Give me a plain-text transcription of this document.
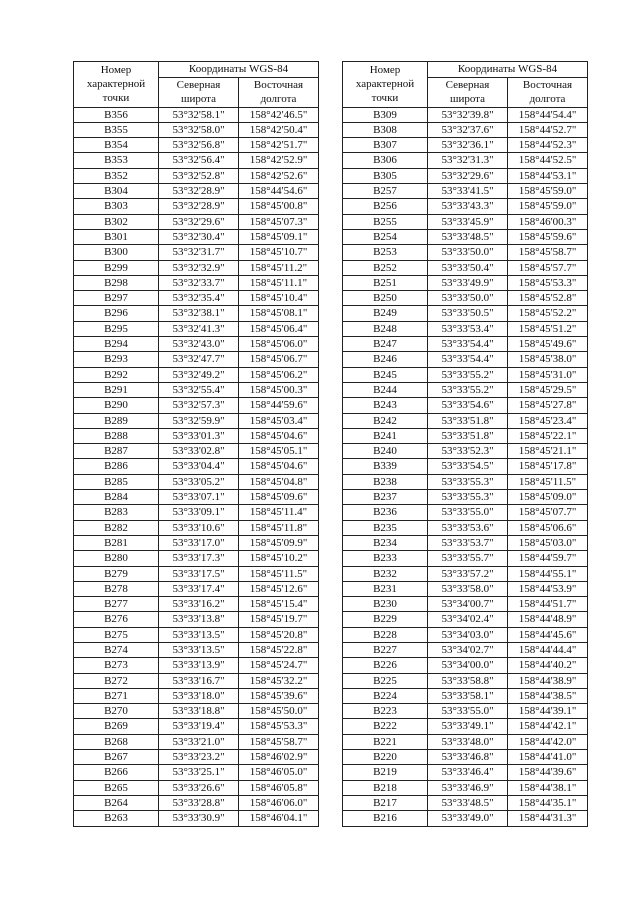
Номер
характерной
точки	Координаты WGS-84	
	Северная	Восточная
	широта	долгота
В356	53°32'58.1"	158°42'46.5"
В355	53°32'58.0"	158°42'50.4"
В354	53°32'56.8"	158°42'51.7"
В353	53°32'56.4"	158°42'52.9"
В352	53°32'52.8"	158°42'52.6"
В304	53°32'28.9"	158°44'54.6"
В303	53°32'28.9"	158°45'00.8"
В302	53°32'29.6"	158°45'07.3"
В301	53°32'30.4"	158°45'09.1"
В300	53°32'31.7"	158°45'10.7"
В299	53°32'32.9"	158°45'11.2"
В298	53°32'33.7"	158°45'11.1"
В297	53°32'35.4"	158°45'10.4"
В296	53°32'38.1"	158°45'08.1"
В295	53°32'41.3"	158°45'06.4"
В294	53°32'43.0"	158°45'06.0"
В293	53°32'47.7"	158°45'06.7"
В292	53°32'49.2"	158°45'06.2"
В291	53°32'55.4"	158°45'00.3"
В290	53°32'57.3"	158°44'59.6"
В289	53°32'59.9"	158°45'03.4"
В288	53°33'01.3"	158°45'04.6"
В287	53°33'02.8"	158°45'05.1"
В286	53°33'04.4"	158°45'04.6"
В285	53°33'05.2"	158°45'04.8"
В284	53°33'07.1"	158°45'09.6"
В283	53°33'09.1"	158°45'11.4"
В282	53°33'10.6"	158°45'11.8"
В281	53°33'17.0"	158°45'09.9"
В280	53°33'17.3"	158°45'10.2"
В279	53°33'17.5"	158°45'11.5"
В278	53°33'17.4"	158°45'12.6"
В277	53°33'16.2"	158°45'15.4"
В276	53°33'13.8"	158°45'19.7"
В275	53°33'13.5"	158°45'20.8"
В274	53°33'13.5"	158°45'22.8"
В273	53°33'13.9"	158°45'24.7"
В272	53°33'16.7"	158°45'32.2"
В271	53°33'18.0"	158°45'39.6"
В270	53°33'18.8"	158°45'50.0"
В269	53°33'19.4"	158°45'53.3"
В268	53°33'21.0"	158°45'58.7"
В267	53°33'23.2"	158°46'02.9"
В266	53°33'25.1"	158°46'05.0"
В265	53°33'26.6"	158°46'05.8"
В264	53°33'28.8"	158°46'06.0"
В263	53°33'30.9"	158°46'04.1"
Номер
характерной
точки	Координаты WGS-84	
	Северная	Восточная
	широта	долгота
В309	53°32'39.8"	158°44'54.4"
В308	53°32'37.6"	158°44'52.7"
В307	53°32'36.1"	158°44'52.3"
В306	53°32'31.3"	158°44'52.5"
В305	53°32'29.6"	158°44'53.1"
В257	53°33'41.5"	158°45'59.0"
В256	53°33'43.3"	158°45'59.0"
В255	53°33'45.9"	158°46'00.3"
В254	53°33'48.5"	158°45'59.6"
В253	53°33'50.0"	158°45'58.7"
В252	53°33'50.4"	158°45'57.7"
В251	53°33'49.9"	158°45'53.3"
В250	53°33'50.0"	158°45'52.8"
В249	53°33'50.5"	158°45'52.2"
В248	53°33'53.4"	158°45'51.2"
В247	53°33'54.4"	158°45'49.6"
В246	53°33'54.4"	158°45'38.0"
В245	53°33'55.2"	158°45'31.0"
В244	53°33'55.2"	158°45'29.5"
В243	53°33'54.6"	158°45'27.8"
В242	53°33'51.8"	158°45'23.4"
В241	53°33'51.8"	158°45'22.1"
В240	53°33'52.3"	158°45'21.1"
В339	53°33'54.5"	158°45'17.8"
В238	53°33'55.3"	158°45'11.5"
В237	53°33'55.3"	158°45'09.0"
В236	53°33'55.0"	158°45'07.7"
В235	53°33'53.6"	158°45'06.6"
В234	53°33'53.7"	158°45'03.0"
В233	53°33'55.7"	158°44'59.7"
В232	53°33'57.2"	158°44'55.1"
В231	53°33'58.0"	158°44'53.9"
В230	53°34'00.7"	158°44'51.7"
В229	53°34'02.4"	158°44'48.9"
В228	53°34'03.0"	158°44'45.6"
В227	53°34'02.7"	158°44'44.4"
В226	53°34'00.0"	158°44'40.2"
В225	53°33'58.8"	158°44'38.9"
В224	53°33'58.1"	158°44'38.5"
В223	53°33'55.0"	158°44'39.1"
В222	53°33'49.1"	158°44'42.1"
В221	53°33'48.0"	158°44'42.0"
В220	53°33'46.8"	158°44'41.0"
В219	53°33'46.4"	158°44'39.6"
В218	53°33'46.9"	158°44'38.1"
В217	53°33'48.5"	158°44'35.1"
В216	53°33'49.0"	158°44'31.3"
